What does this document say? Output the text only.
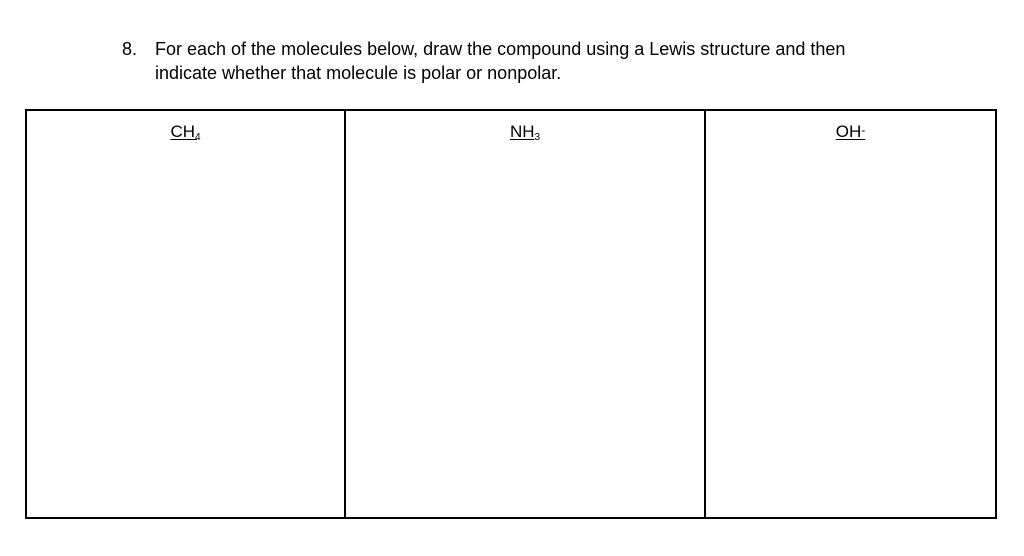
8. For each of the molecules below, draw the compound using a Lewis structure and then
indicate whether that molecule is polar or nonpolar.
$CH_4$	$NH_3$	OH-
